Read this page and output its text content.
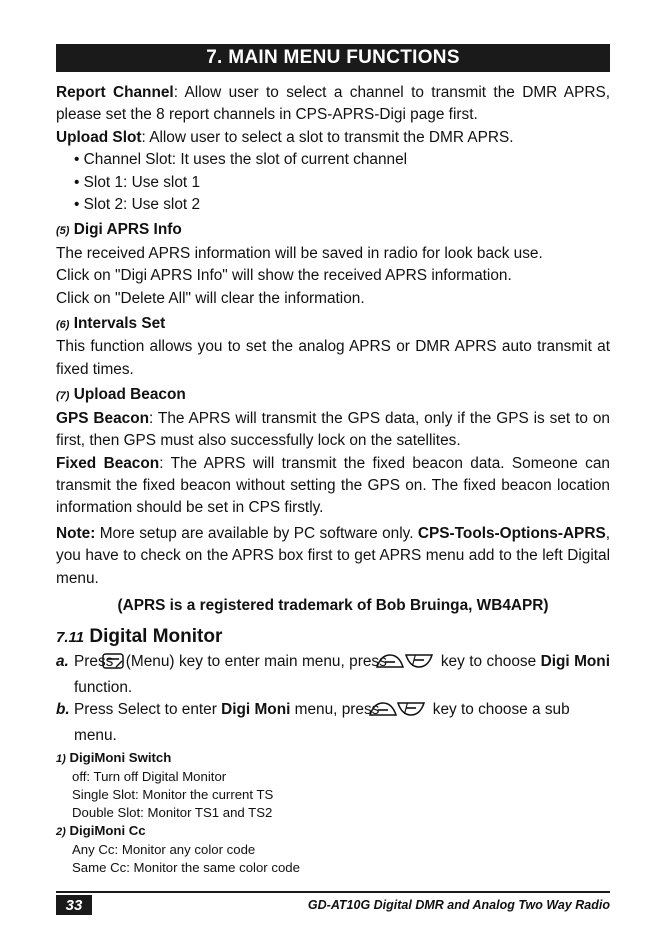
7. MAIN MENU FUNCTIONS

Report Channel: Allow user to select a channel to transmit the DMR APRS, please set the 8 report channels in CPS-APRS-Digi page first.

Upload Slot: Allow user to select a slot to transmit the DMR APRS.

• Channel Slot: It uses the slot of current channel
• Slot 1: Use slot 1
• Slot 2: Use slot 2
(5) Digi APRS Info
The received APRS information will be saved in radio for look back use.
Click on "Digi APRS Info" will show the received APRS information.
Click on "Delete All" will clear the information.
(6) Intervals Set

This function allows you to set the analog APRS or DMR APRS auto transmit at fixed times.

(7) Upload Beacon

GPS Beacon: The APRS will transmit the GPS data, only if the GPS is set to on first, then GPS must also successfully lock on the satellites.

Fixed Beacon: The APRS will transmit the fixed beacon data. Someone can transmit the fixed beacon without setting the GPS on. The fixed beacon location information should be set in CPS firstly.

Note: More setup are available by PC software only. CPS-Tools-Options-APRS, you have to check on the APRS box first to get APRS menu add to the left Digital menu.

(APRS is a registered trademark of Bob Bruinga, WB4APR)
7.11 Digital Monitor

a. Press (Menu) key to enter main menu, press  /  key to choose Digi Moni function.

b. Press Select to enter Digi Moni menu, press  /  key to choose a sub menu.

1) DigiMoni Switch
off: Turn off Digital Monitor
Single Slot: Monitor the current TS
Double Slot: Monitor TS1 and TS2
2) DigiMoni Cc
Any Cc: Monitor any color code
Same Cc: Monitor the same color code
33	GD-AT10G Digital DMR and Analog Two Way Radio
